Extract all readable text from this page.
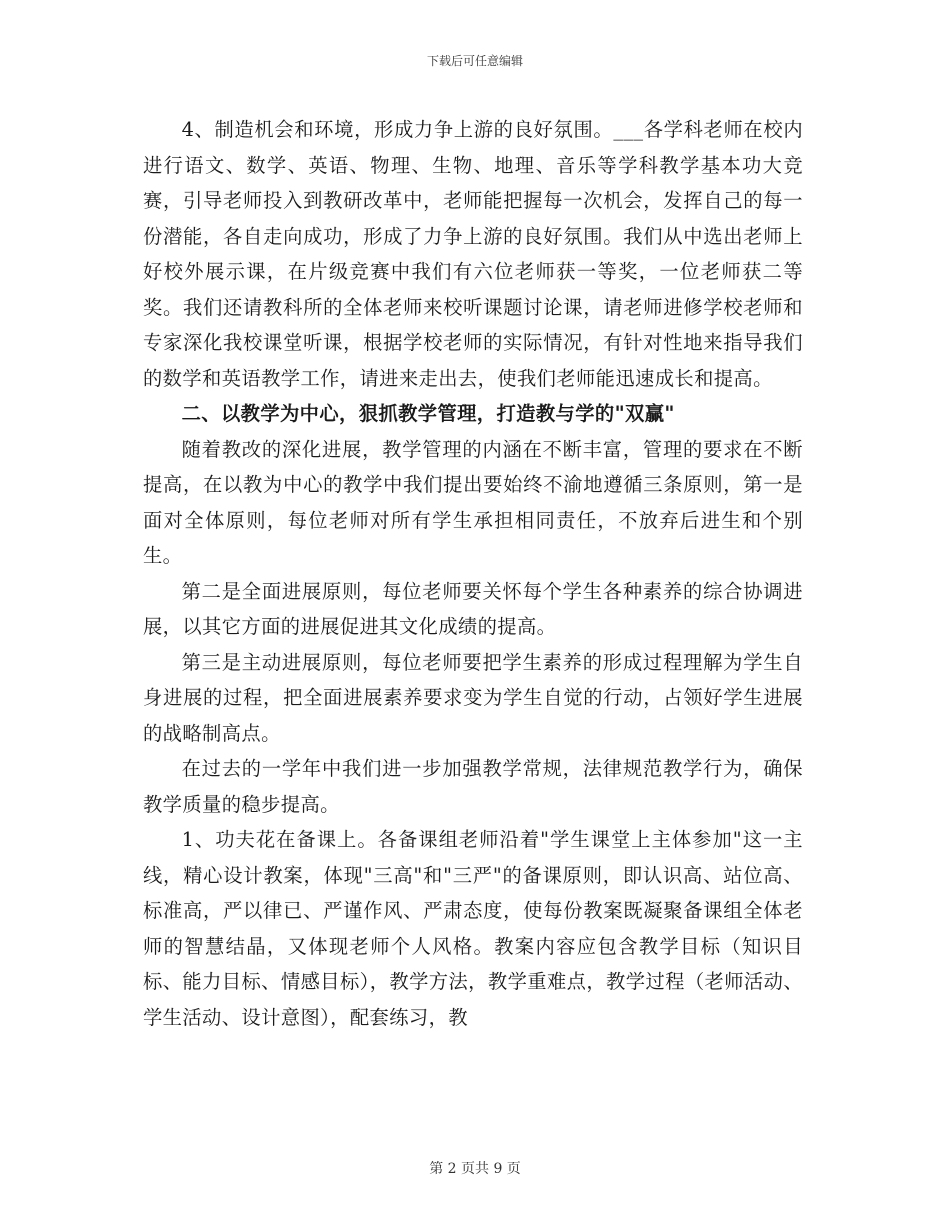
下载后可任意编辑

4、制造机会和环境，形成力争上游的良好氛围。___各学科老师在校内进行语文、数学、英语、物理、生物、地理、音乐等学科教学基本功大竞赛，引导老师投入到教研改革中，老师能把握每一次机会，发挥自己的每一份潜能，各自走向成功，形成了力争上游的良好氛围。我们从中选出老师上好校外展示课，在片级竞赛中我们有六位老师获一等奖，一位老师获二等奖。我们还请教科所的全体老师来校听课题讨论课，请老师进修学校老师和专家深化我校课堂听课，根据学校老师的实际情况，有针对性地来指导我们的数学和英语教学工作，请进来走出去，使我们老师能迅速成长和提高。

二、以教学为中心，狠抓教学管理，打造教与学的"双赢"

随着教改的深化进展，教学管理的内涵在不断丰富，管理的要求在不断提高，在以教为中心的教学中我们提出要始终不渝地遵循三条原则，第一是面对全体原则，每位老师对所有学生承担相同责任，不放弃后进生和个别生。

第二是全面进展原则，每位老师要关怀每个学生各种素养的综合协调进展，以其它方面的进展促进其文化成绩的提高。

第三是主动进展原则，每位老师要把学生素养的形成过程理解为学生自身进展的过程，把全面进展素养要求变为学生自觉的行动，占领好学生进展的战略制高点。

在过去的一学年中我们进一步加强教学常规，法律规范教学行为，确保教学质量的稳步提高。

1、功夫花在备课上。各备课组老师沿着"学生课堂上主体参加"这一主线，精心设计教案，体现"三高"和"三严"的备课原则，即认识高、站位高、标准高，严以律已、严谨作风、严肃态度，使每份教案既凝聚备课组全体老师的智慧结晶，又体现老师个人风格。教案内容应包含教学目标（知识目标、能力目标、情感目标），教学方法，教学重难点，教学过程（老师活动、学生活动、设计意图），配套练习，教

第 2 页共 9 页
